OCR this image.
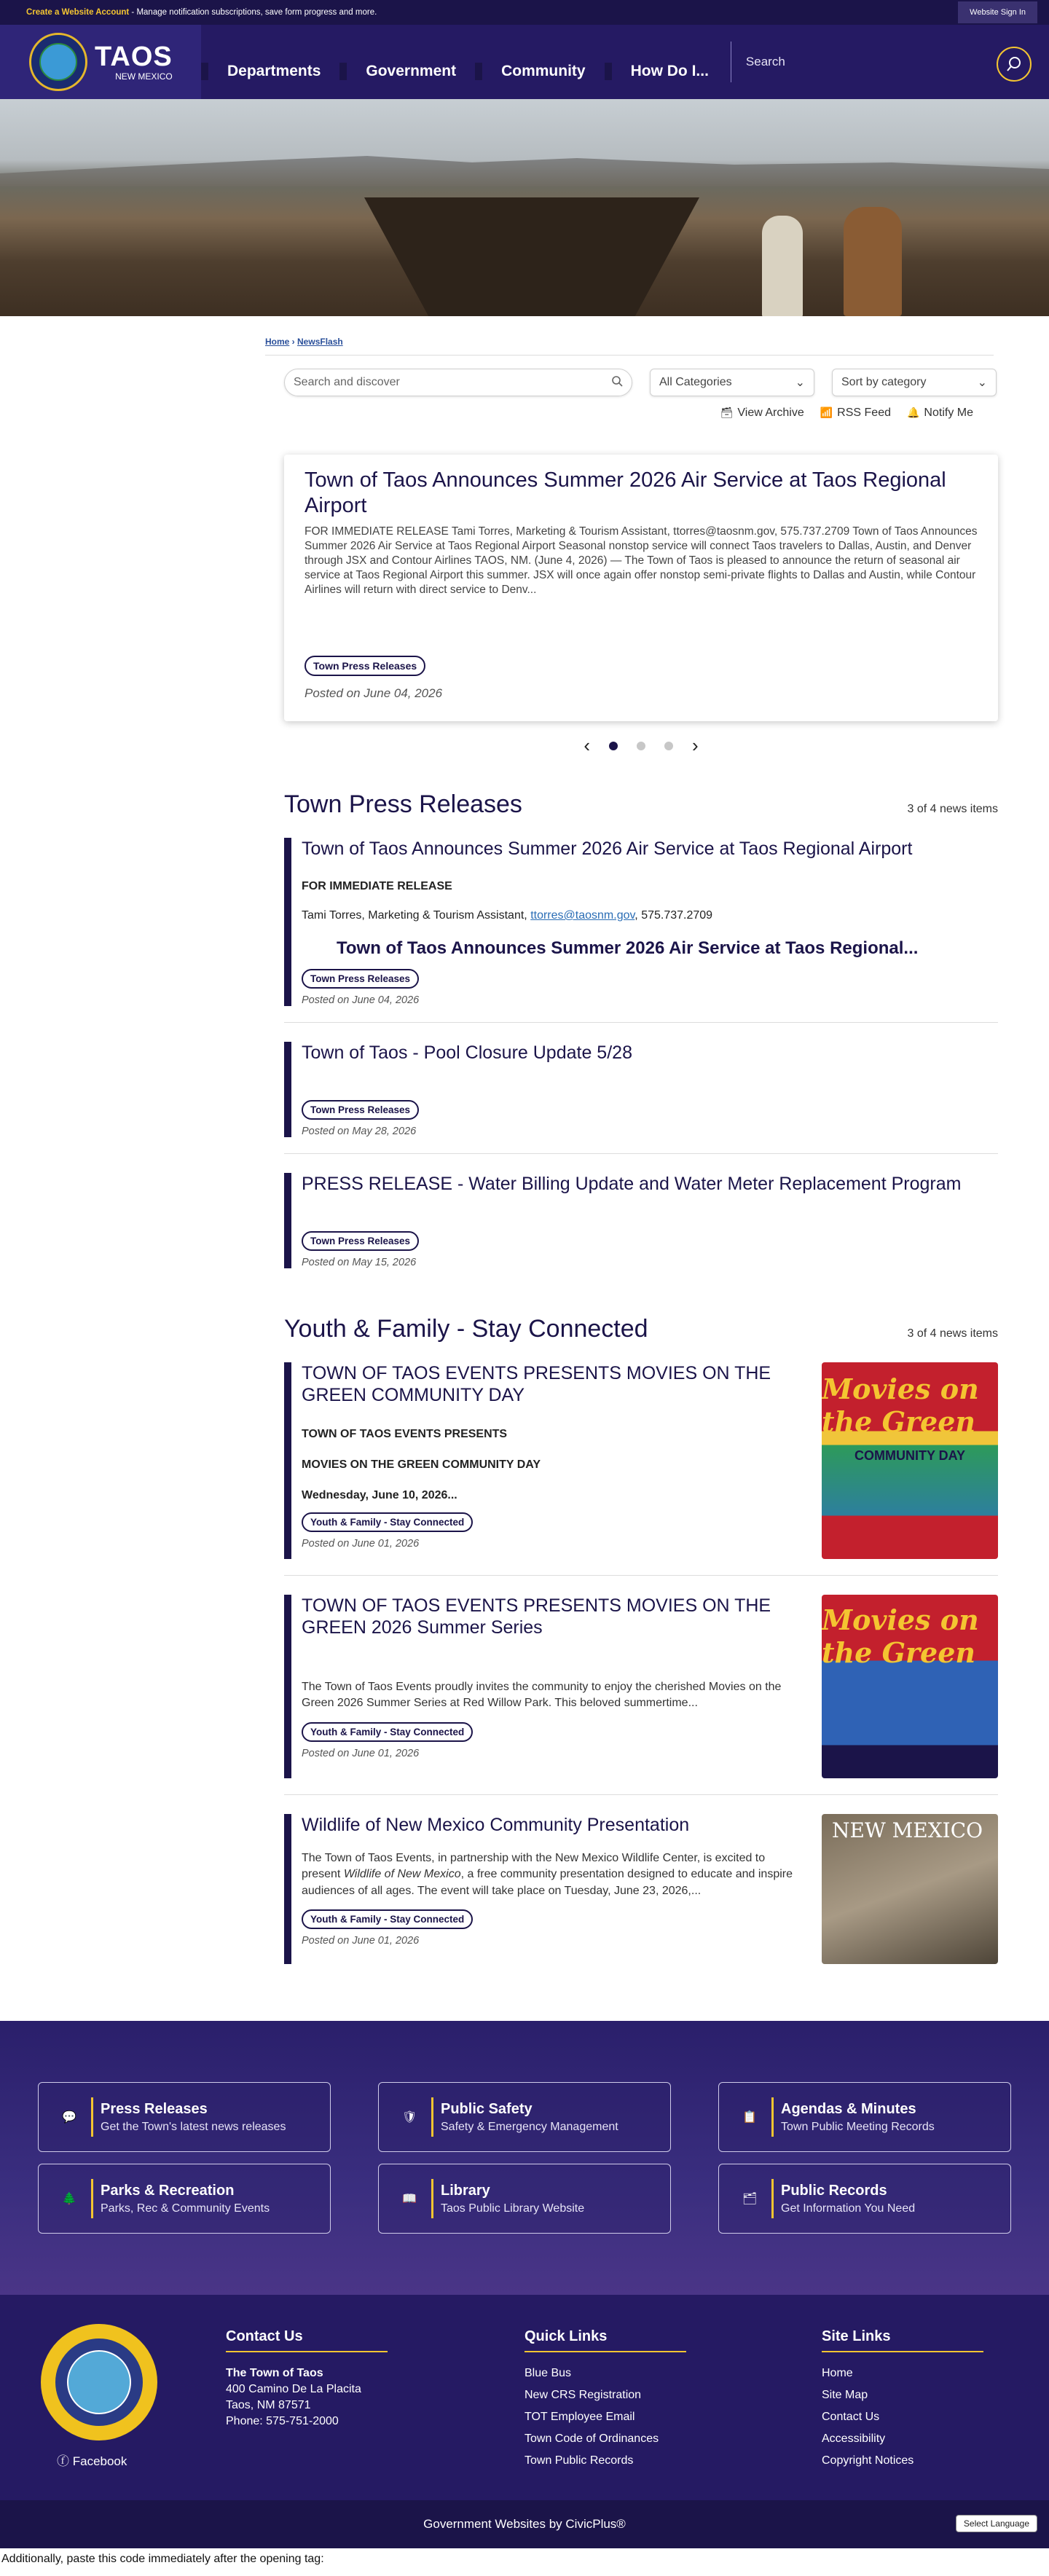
Create a Website Account - Manage notification subscriptions, save form progress and more.	Website Sign In
TAOS
NEW MEXICO	Departments	Government	Community	How Do I...
Search
Home › NewsFlash
Search and discover	All Categories	⌄	Sort by category	⌄
🗃 View Archive 📶 RSS Feed 🔔 Notify Me
Town of Taos Announces Summer 2026 Air Service at Taos Regional Airport

FOR IMMEDIATE RELEASE Tami Torres, Marketing & Tourism Assistant, ttorres@taosnm.gov, 575.737.2709 Town of Taos Announces Summer 2026 Air Service at Taos Regional Airport Seasonal nonstop service will connect Taos travelers to Dallas, Austin, and Denver through JSX and Contour Airlines TAOS, NM. (June 4, 2026) — The Town of Taos is pleased to announce the return of seasonal air service at Taos Regional Airport this summer. JSX will once again offer nonstop semi-private flights to Dallas and Austin, while Contour Airlines will return with direct service to Denv...

Town Press Releases
Posted on June 04, 2026
‹	›
Town Press Releases	3 of 4 news items
Town of Taos Announces Summer 2026 Air Service at Taos Regional Airport
FOR IMMEDIATE RELEASE
Tami Torres, Marketing & Tourism Assistant, ttorres@taosnm.gov, 575.737.2709
Town of Taos Announces Summer 2026 Air Service at Taos Regional...
Town Press Releases
Posted on June 04, 2026
Town of Taos - Pool Closure Update 5/28
Town Press Releases
Posted on May 28, 2026
PRESS RELEASE - Water Billing Update and Water Meter Replacement Program
Town Press Releases
Posted on May 15, 2026
Youth & Family - Stay Connected	3 of 4 news items
TOWN OF TAOS EVENTS PRESENTS MOVIES ON THE GREEN COMMUNITY DAY
TOWN OF TAOS EVENTS PRESENTS
MOVIES ON THE GREEN COMMUNITY DAY
Wednesday, June 10, 2026...
Youth & Family - Stay Connected
Posted on June 01, 2026
Movies on the Green
COMMUNITY DAY
TOWN OF TAOS EVENTS PRESENTS MOVIES ON THE GREEN 2026 Summer Series
The Town of Taos Events proudly invites the community to enjoy the cherished Movies on the Green 2026 Summer Series at Red Willow Park. This beloved summertime...
Youth & Family - Stay Connected
Posted on June 01, 2026
Movies on the Green
Wildlife of New Mexico Community Presentation
The Town of Taos Events, in partnership with the New Mexico Wildlife Center, is excited to present Wildlife of New Mexico, a free community presentation designed to educate and inspire audiences of all ages. The event will take place on Tuesday, June 23, 2026,...
Youth & Family - Stay Connected
Posted on June 01, 2026
NEW MEXICO
💬
Press Releases
Get the Town's latest news releases
🛡
Public Safety
Safety & Emergency Management
📋
Agendas & Minutes
Town Public Meeting Records
🌲
Parks & Recreation
Parks, Rec & Community Events
📖
Library
Taos Public Library Website
🗂
Public Records
Get Information You Need
ⓕ Facebook
Contact Us
The Town of Taos
400 Camino De La Placita
Taos, NM 87571
Phone: 575-751-2000
Quick Links
Blue Bus
New CRS Registration
TOT Employee Email
Town Code of Ordinances
Town Public Records
Site Links
Home
Site Map
Contact Us
Accessibility
Copyright Notices
Government Websites by CivicPlus®	Select Language
Additionally, paste this code immediately after the opening tag:
